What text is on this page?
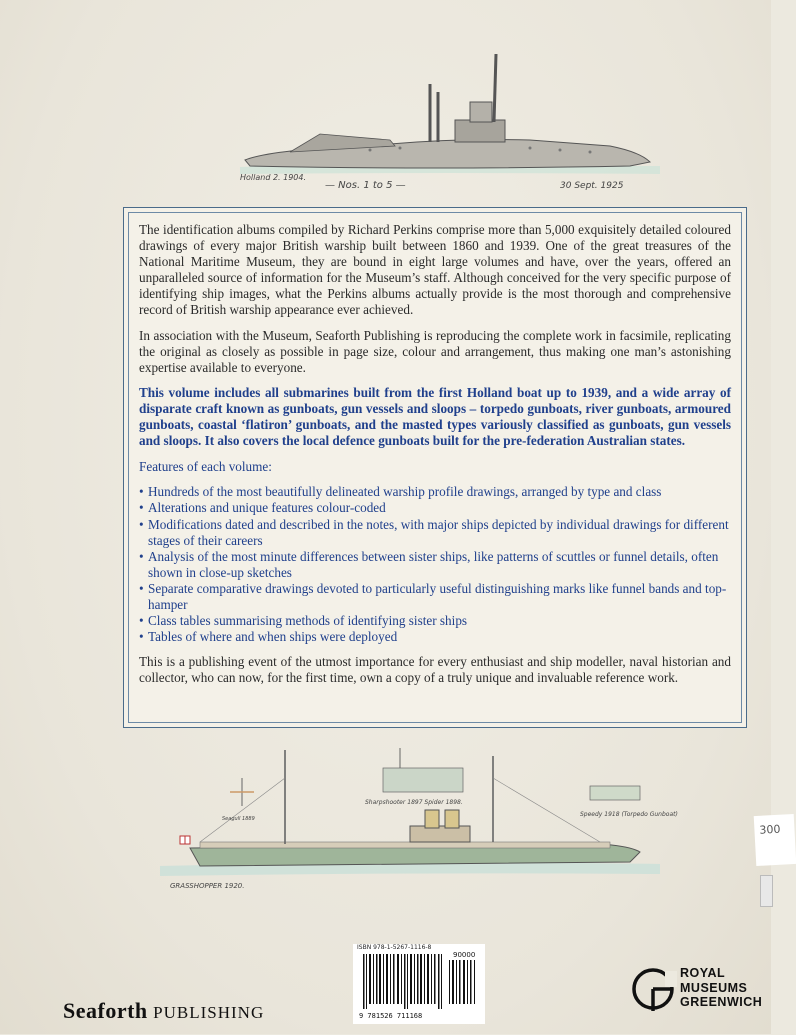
Holland 2. 1904.
— Nos. 1 to 5 —	30 Sept. 1925

The identification albums compiled by Richard Perkins comprise more than 5,000 exquisitely detailed coloured drawings of every major British warship built between 1860 and 1939. One of the great treasures of the National Maritime Museum, they are bound in eight large volumes and have, over the years, offered an unparalleled source of information for the Museum’s staff. Although conceived for the very specific purpose of identifying ship images, what the Perkins albums actually provide is the most thorough and comprehensive record of British warship appearance ever achieved.

In association with the Museum, Seaforth Publishing is reproducing the complete work in facsimile, replicating the original as closely as possible in page size, colour and arrangement, thus making one man’s astonishing expertise available to everyone.

This volume includes all submarines built from the first Holland boat up to 1939, and a wide array of disparate craft known as gunboats, gun vessels and sloops – torpedo gunboats, river gunboats, armoured gunboats, coastal ‘flatiron’ gunboats, and the masted types variously classified as gunboats, gun vessels and sloops. It also covers the local defence gunboats built for the pre-federation Australian states.

Features of each volume:

• Hundreds of the most beautifully delineated warship profile drawings, arranged by type and class
• Alterations and unique features colour-coded
• Modifications dated and described in the notes, with major ships depicted by individual drawings for different stages of their careers
• Analysis of the most minute differences between sister ships, like patterns of scuttles or funnel details, often shown in close-up sketches
• Separate comparative drawings devoted to particularly useful distinguishing marks like funnel bands and top-hamper
• Class tables summarising methods of identifying sister ships
• Tables of where and when ships were deployed

This is a publishing event of the utmost importance for every enthusiast and ship modeller, naval historian and collector, who can now, for the first time, own a copy of a truly unique and invaluable reference work.

GRASSHOPPER 1920.
Sharpshooter 1897 Spider 1898.
Speedy 1918 (Torpedo Gunboat)
Seagull 1889
300
Seaforth PUBLISHING
ISBN 978-1-5267-1116-8
90000
9 781526 711168
ROYAL
MUSEUMS
GREENWICH
